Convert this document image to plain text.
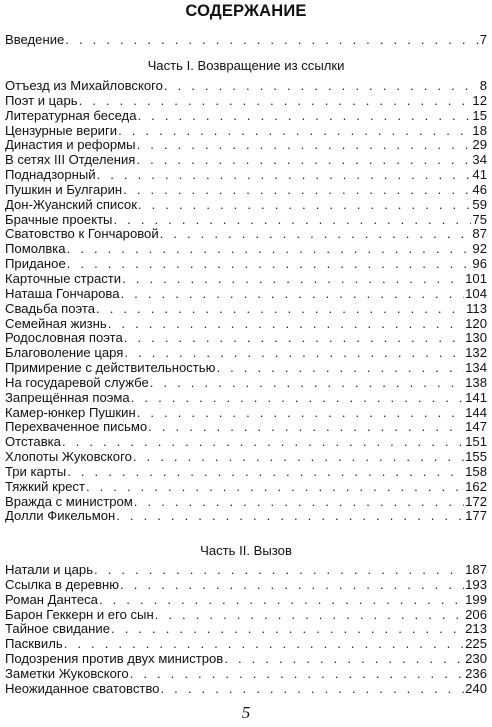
СОДЕРЖАНИЕ
Введение . . .	7
Часть I. Возвращение из ссылки
Отъезд из Михайловского . . .	8
Поэт и царь . . .	12
Литературная беседа . . .	15
Цензурные вериги . . .	18
Династия и реформы . . .	29
В сетях III Отделения . . .	34
Поднадзорный . . .	41
Пушкин и Булгарин . . .	46
Дон-Жуанский список . . .	59
Брачные проекты . . .	75
Сватовство к Гончаровой . . .	87
Помолвка . . .	92
Приданое . . .	96
Карточные страсти . . .	101
Наташа Гончарова . . .	104
Свадьба поэта . . .	113
Семейная жизнь . . .	120
Родословная поэта . . .	130
Благоволение царя . . .	132
Примирение с действительностью . . .	134
На государевой службе . . .	138
Запрещённая поэма . . .	141
Камер-юнкер Пушкин . . .	144
Перехваченное письмо . . .	147
Отставка . . .	151
Хлопоты Жуковского . . .	155
Три карты . . .	158
Тяжкий крест . . .	162
Вражда с министром . . .	172
Долли Фикельмон . . .	177
Часть II. Вызов
Натали и царь . . .	187
Ссылка в деревню . . .	193
Роман Дантеса . . .	199
Барон Геккерн и его сын . . .	206
Тайное свидание . . .	213
Пасквиль . . .	225
Подозрения против двух министров . . .	230
Заметки Жуковского . . .	236
Неожиданное сватовство . . .	240
5
